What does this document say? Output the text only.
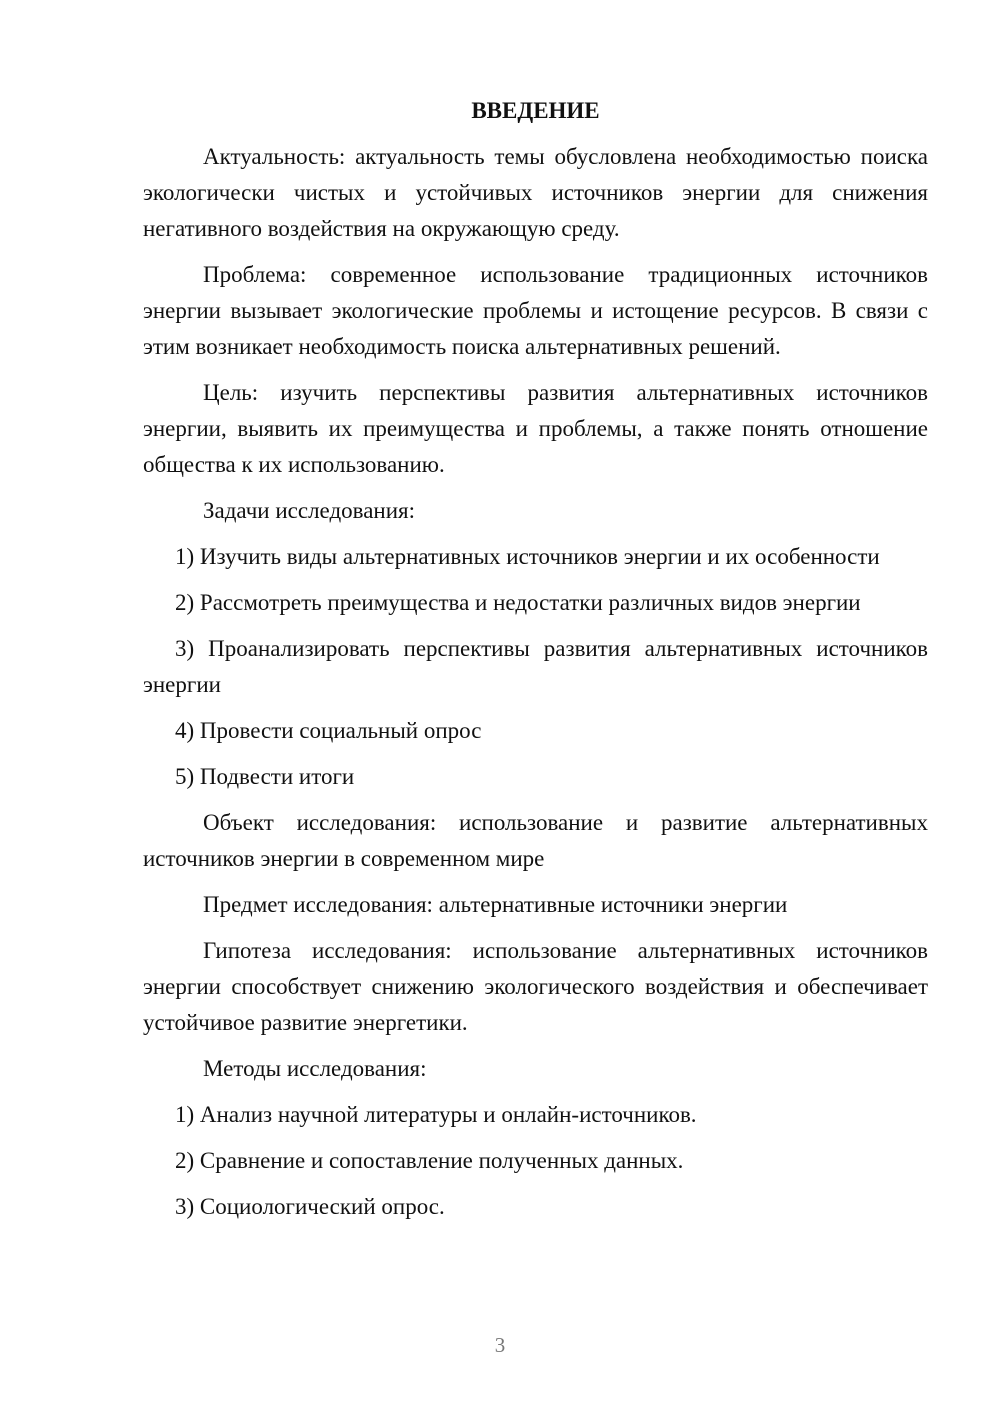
ВВЕДЕНИЕ

Актуальность: актуальность темы обусловлена необходимостью поиска экологически чистых и устойчивых источников энергии для снижения негативного воздействия на окружающую среду.

Проблема: современное использование традиционных источников энергии вызывает экологические проблемы и истощение ресурсов. В связи с этим возникает необходимость поиска альтернативных решений.

Цель: изучить перспективы развития альтернативных источников энергии, выявить их преимущества и проблемы, а также понять отношение общества к их использованию.

Задачи исследования:

1) Изучить виды альтернативных источников энергии и их особенности

2) Рассмотреть преимущества и недостатки различных видов энергии

3) Проанализировать перспективы развития альтернативных источников энергии

4) Провести социальный опрос

5) Подвести итоги

Объект исследования: использование и развитие альтернативных источников энергии в современном мире

Предмет исследования: альтернативные источники энергии

Гипотеза исследования: использование альтернативных источников энергии способствует снижению экологического воздействия и обеспечивает устойчивое развитие энергетики.

Методы исследования:

1) Анализ научной литературы и онлайн-источников.

2) Сравнение и сопоставление полученных данных.

3) Социологический опрос.

3
